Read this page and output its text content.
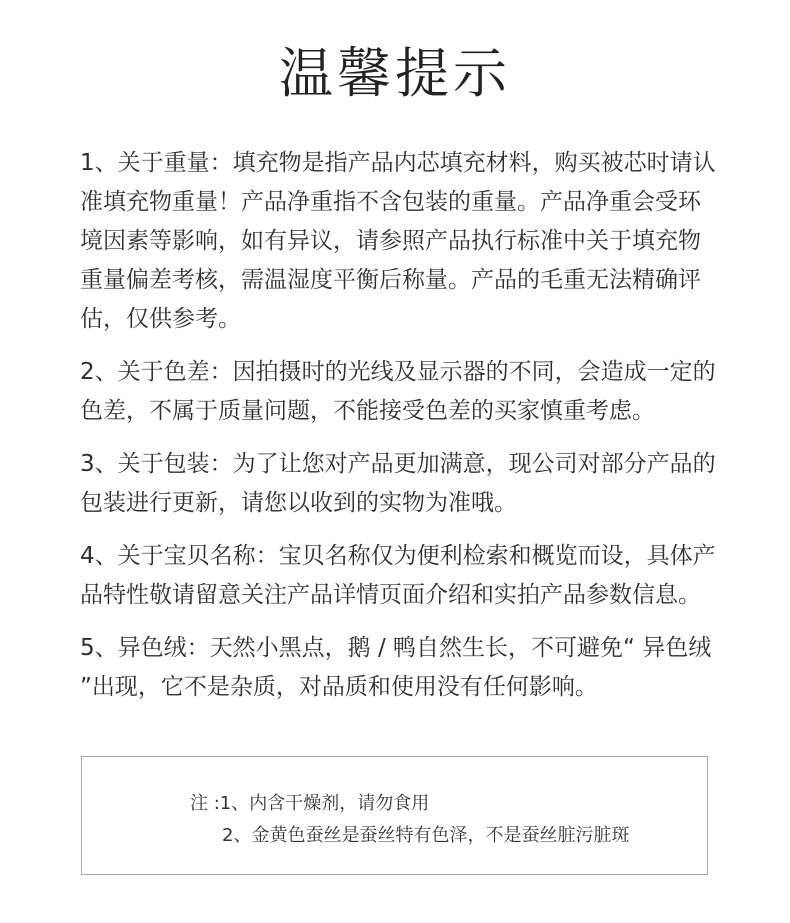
温馨提示

1、关于重量：填充物是指产品内芯填充材料，购买被芯时请认准填充物重量！产品净重指不含包装的重量。产品净重会受环境因素等影响，如有异议，请参照产品执行标准中关于填充物重量偏差考核，需温湿度平衡后称量。产品的毛重无法精确评估，仅供参考。

2、关于色差：因拍摄时的光线及显示器的不同，会造成一定的色差，不属于质量问题，不能接受色差的买家慎重考虑。

3、关于包装：为了让您对产品更加满意，现公司对部分产品的包装进行更新，请您以收到的实物为准哦。

4、关于宝贝名称：宝贝名称仅为便利检索和概览而设，具体产品特性敬请留意关注产品详情页面介绍和实拍产品参数信息。

5、异色绒：天然小黑点，鹅 / 鸭自然生长，不可避免“ 异色绒 ”出现，它不是杂质，对品质和使用没有任何影响。

注 :1、内含干燥剂，请勿食用
2、金黄色蚕丝是蚕丝特有色泽，不是蚕丝脏污脏斑
